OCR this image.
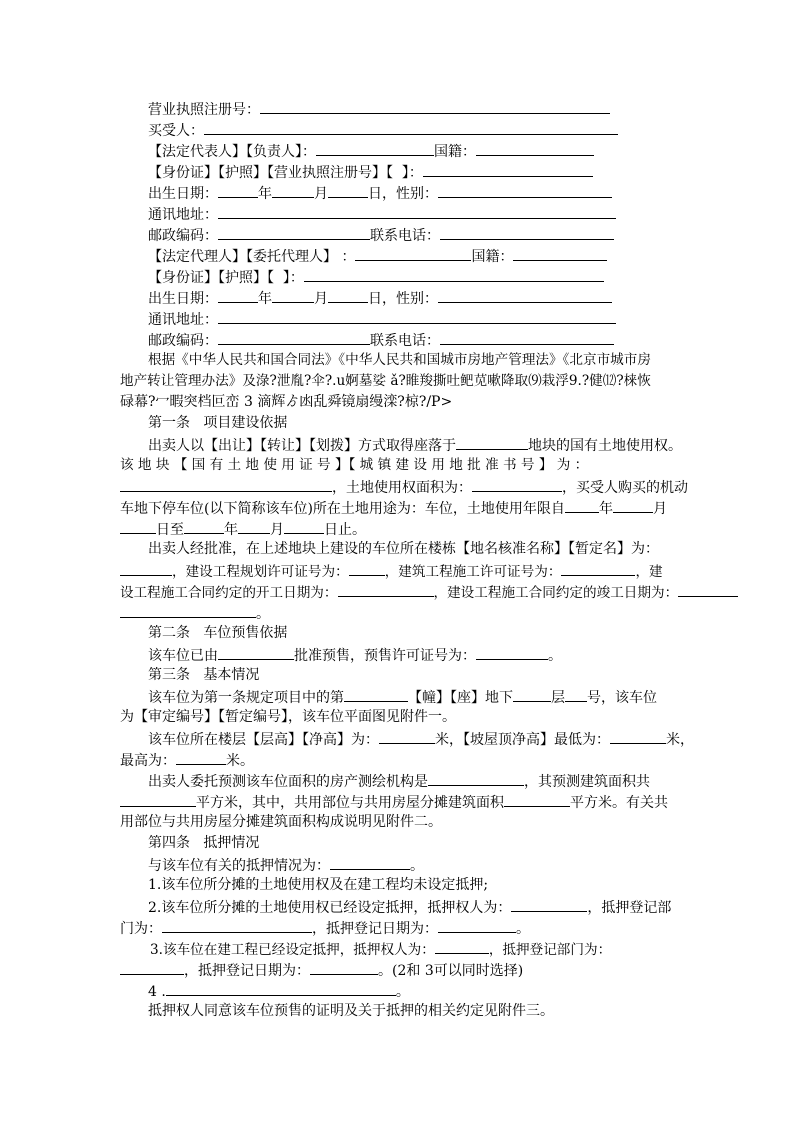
营业执照注册号：
买受人：
【法定代表人】【负责人】：	国籍：
【身份证】【护照】【营业执照注册号】【  】：
出生日期：	年	月	日，性别：
通讯地址：
邮政编码：	联系电话：
【法定代理人】【委托代理人】 ：	国籍：
【身份证】【护照】【  】：
出生日期：	年	月	日，性别：
通讯地址：
邮政编码：	联系电话：
根据《中华人民共和国合同法》《中华人民共和国城市房地产管理法》《北京市城市房
地产转让管理办法》及淥?泄胤?伞?.u婀墓娑 ǎ?睢羧撕吐鲃苋嗽降取⑼栽浮9.?健⑿?梾恢
碌幕?冖暇突档叵峦 3 滴辉ゟ凼乱舜镜扇缦滦?椋?/P>
第一条   项目建设依据
出卖人以【出让】【转让】【划拨】方式取得座落于	地块的国有土地使用权。
该 地 块 【 国 有 土 地 使 用 证 号 】【 城 镇 建 设 用 地 批 准 书 号 】 为 ：
，土地使用权面积为：	，买受人购买的机动
车地下停车位(以下简称该车位)所在土地用途为：车位，土地使用年限自 年	月
日至	年 月	日止。
出卖人经批准，在上述地块上建设的车位所在楼栋【地名核准名称】【暂定名】为：
，建设工程规划许可证号为：	，建筑工程施工许可证号为：	，建
设工程施工合同约定的开工日期为：	，建设工程施工合同约定的竣工日期为：
。
第二条   车位预售依据
该车位已由	批准预售，预售许可证号为：	。
第三条   基本情况
该车位为第一条规定项目中的第	【幢】【座】地下	层 号，该车位
为【审定编号】【暂定编号】，该车位平面图见附件一。
该车位所在楼层【层高】【净高】为：	米，【坡屋顶净高】最低为：	米，
最高为：	米。
出卖人委托预测该车位面积的房产测绘机构是	，其预测建筑面积共
平方米，其中，共用部位与共用房屋分摊建筑面积	平方米。有关共
用部位与共用房屋分摊建筑面积构成说明见附件二。
第四条   抵押情况
与该车位有关的抵押情况为：	。
1.该车位所分摊的土地使用权及在建工程均未设定抵押;
2.该车位所分摊的土地使用权已经设定抵押，抵押权人为：	，抵押登记部
门为：	，抵押登记日期为：	。
3.该车位在建工程已经设定抵押，抵押权人为：	，抵押登记部门为：
，抵押登记日期为：	。(2和 3可以同时选择)
4 .	。
抵押权人同意该车位预售的证明及关于抵押的相关约定见附件三。
